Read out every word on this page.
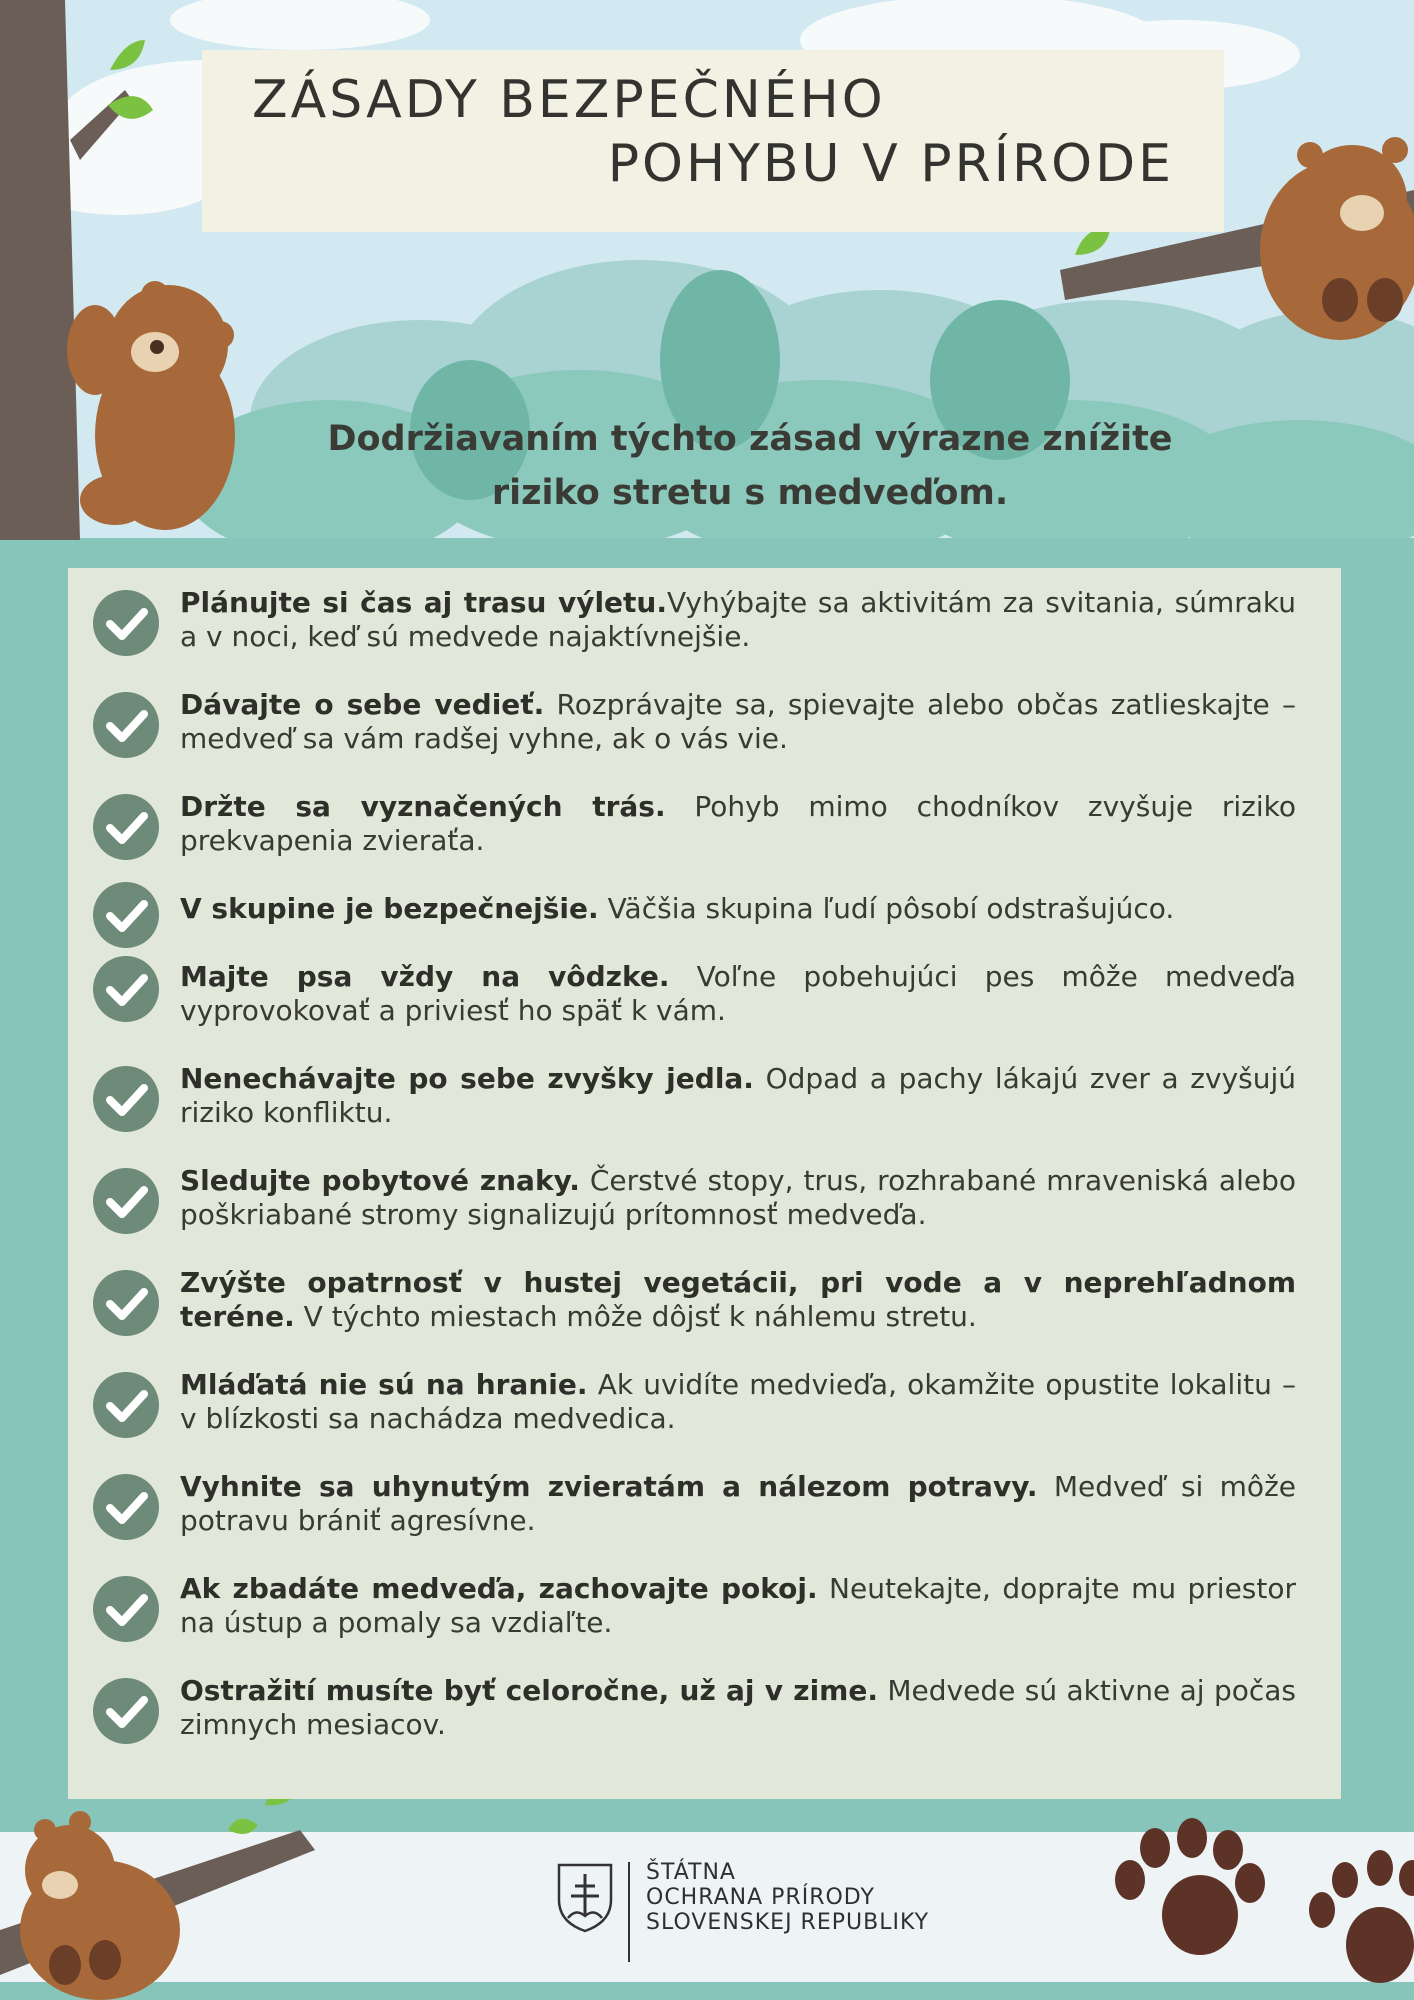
ZÁSADY BEZPEČNÉHO
POHYBU V PRÍRODE
Dodržiavaním týchto zásad výrazne znížite
riziko stretu s medveďom.
Plánujte si čas aj trasu výletu.Vyhýbajte sa aktivitám za svitania, súmraku a v noci, keď sú medvede najaktívnejšie.
Dávajte o sebe vedieť. Rozprávajte sa, spievajte alebo občas zatlieskajte – medveď sa vám radšej vyhne, ak o vás vie.
Držte sa vyznačených trás. Pohyb mimo chodníkov zvyšuje riziko prekvapenia zvieraťa.
V skupine je bezpečnejšie. Väčšia skupina ľudí pôsobí odstrašujúco.
Majte psa vždy na vôdzke. Voľne pobehujúci pes môže medveďa vyprovokovať a priviesť ho späť k vám.
Nenechávajte po sebe zvyšky jedla. Odpad a pachy lákajú zver a zvyšujú riziko konfliktu.
Sledujte pobytové znaky. Čerstvé stopy, trus, rozhrabané mraveniská alebo poškriabané stromy signalizujú prítomnosť medveďa.
Zvýšte opatrnosť v hustej vegetácii, pri vode a v neprehľadnom teréne. V týchto miestach môže dôjsť k náhlemu stretu.
Mláďatá nie sú na hranie. Ak uvidíte medvieďa, okamžite opustite lokalitu – v blízkosti sa nachádza medvedica.
Vyhnite sa uhynutým zvieratám a nálezom potravy. Medveď si môže potravu brániť agresívne.
Ak zbadáte medveďa, zachovajte pokoj. Neutekajte, doprajte mu priestor na ústup a pomaly sa vzdiaľte.
Ostražití musíte byť celoročne, už aj v zime. Medvede sú aktivne aj počas zimnych mesiacov.
ŠTÁTNA
OCHRANA PRÍRODY
SLOVENSKEJ REPUBLIKY
